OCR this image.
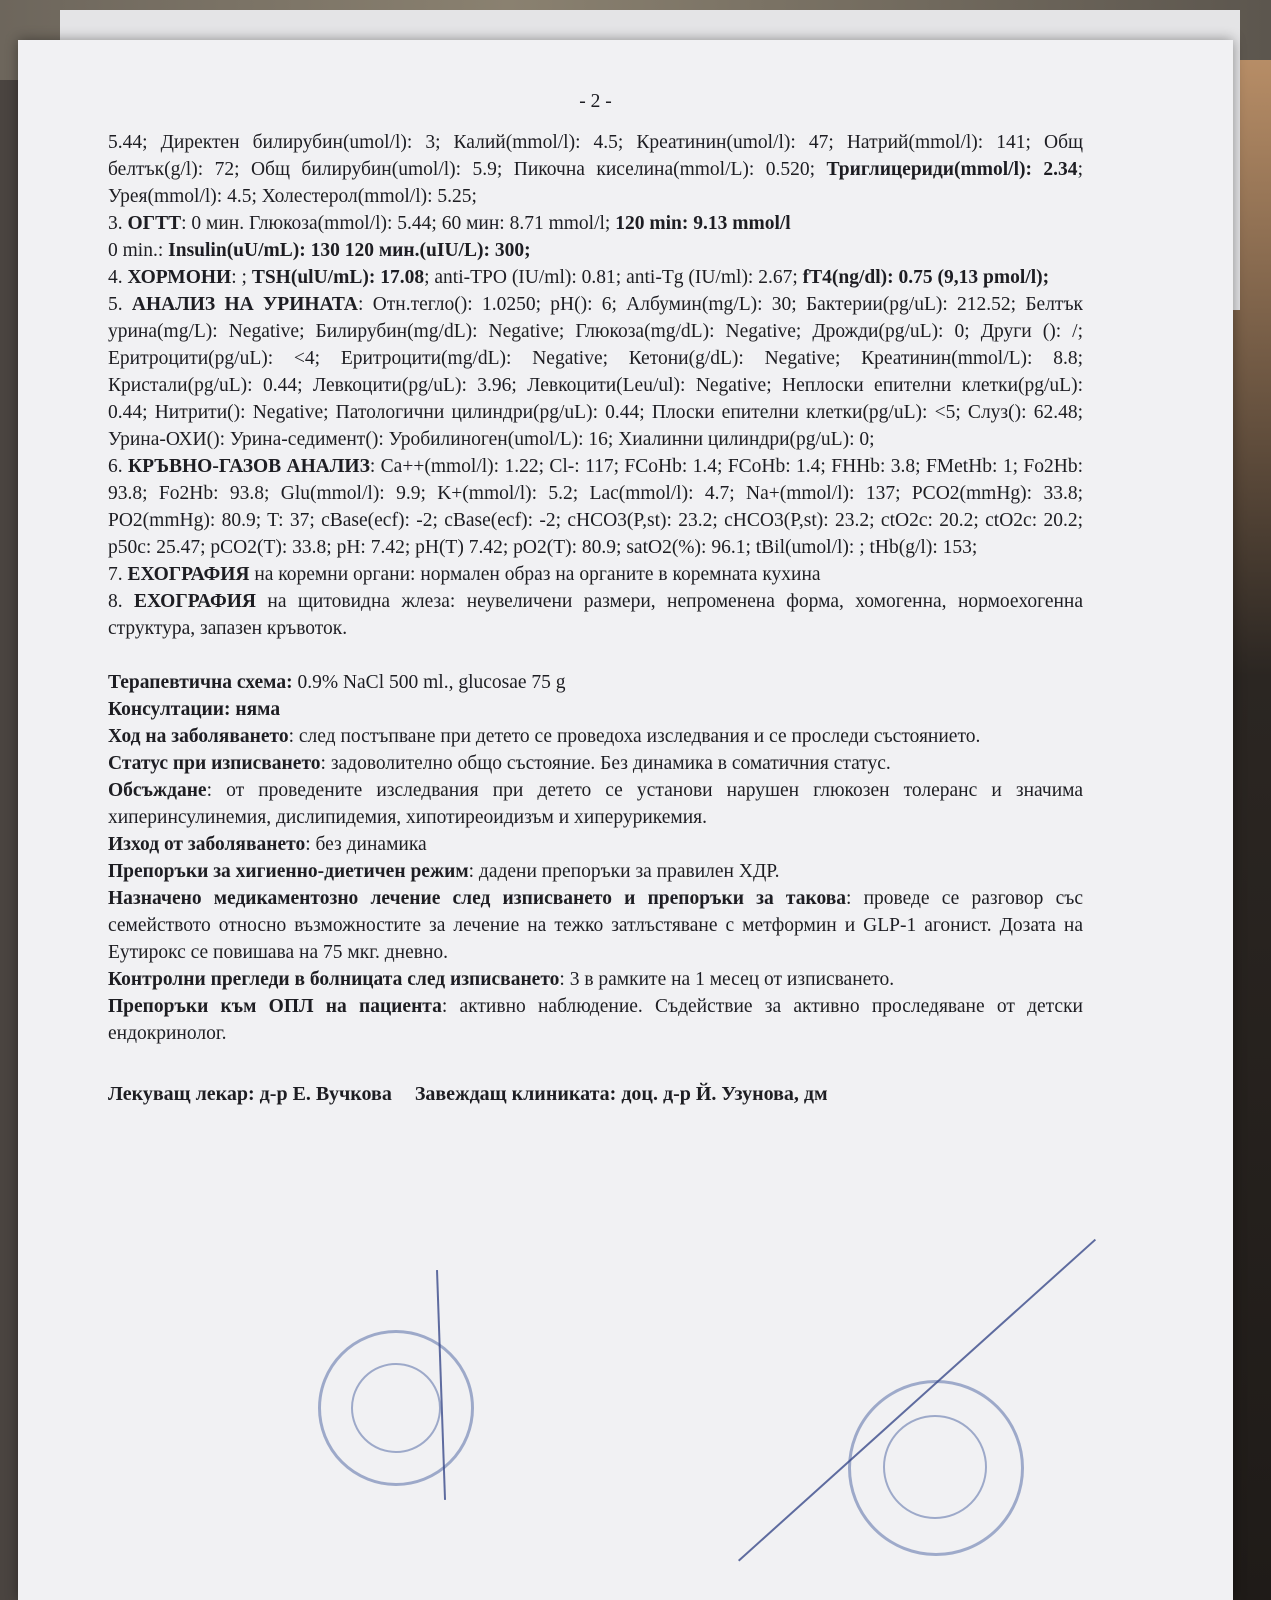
- 2 -

5.44; Директен билирубин(umol/l): 3; Калий(mmol/l): 4.5; Креатинин(umol/l): 47; Натрий(mmol/l): 141; Общ белтък(g/l): 72; Общ билирубин(umol/l): 5.9; Пикочна киселина(mmol/L): 0.520; Триглицериди(mmol/l): 2.34; Урея(mmol/l): 4.5; Холестерол(mmol/l): 5.25;

3. ОГТТ: 0 мин. Глюкоза(mmol/l): 5.44; 60 мин: 8.71 mmol/l; 120 min: 9.13 mmol/l

0 min.: Insulin(uU/mL): 130 120 мин.(uIU/L): 300;

4. ХОРМОНИ: ; TSH(ulU/mL): 17.08; anti-TPO (IU/ml): 0.81; anti-Tg (IU/ml): 2.67; fT4(ng/dl): 0.75 (9,13 pmol/l);

5. АНАЛИЗ НА УРИНАТА: Отн.тегло(): 1.0250; pH(): 6; Албумин(mg/L): 30; Бактерии(pg/uL): 212.52; Белтък урина(mg/L): Negative; Билирубин(mg/dL): Negative; Глюкоза(mg/dL): Negative; Дрожди(pg/uL): 0; Други (): /; Еритроцити(pg/uL): <4; Еритроцити(mg/dL): Negative; Кетони(g/dL): Negative; Креатинин(mmol/L): 8.8; Кристали(pg/uL): 0.44; Левкоцити(pg/uL): 3.96; Левкоцити(Leu/ul): Negative; Неплоски епителни клетки(pg/uL): 0.44; Нитрити(): Negative; Патологични цилиндри(pg/uL): 0.44; Плоски епителни клетки(pg/uL): <5; Слуз(): 62.48; Урина-ОХИ(): Урина-седимент(): Уробилиноген(umol/L): 16; Хиалинни цилиндри(pg/uL): 0;

6. КРЪВНО-ГАЗОВ АНАЛИЗ: Ca++(mmol/l): 1.22; Cl-: 117; FCoHb: 1.4; FCoHb: 1.4; FHHb: 3.8; FMetHb: 1; Fo2Hb: 93.8; Fo2Hb: 93.8; Glu(mmol/l): 9.9; K+(mmol/l): 5.2; Lac(mmol/l): 4.7; Na+(mmol/l): 137; PCO2(mmHg): 33.8; PO2(mmHg): 80.9; T: 37; cBase(ecf): -2; cBase(ecf): -2; cHCO3(P,st): 23.2; cHCO3(P,st): 23.2; ctO2c: 20.2; ctO2c: 20.2; p50c: 25.47; pCO2(T): 33.8; pH: 7.42; pH(T) 7.42; pO2(T): 80.9; satO2(%): 96.1; tBil(umol/l): ; tHb(g/l): 153;

7. ЕХОГРАФИЯ на коремни органи: нормален образ на органите в коремната кухина

8. ЕХОГРАФИЯ на щитовидна жлеза: неувеличени размери, непроменена форма, хомогенна, нормоехогенна структура, запазен кръвоток.

Терапевтична схема: 0.9% NaCl 500 ml., glucosae 75 g

Консултации: няма

Ход на заболяването: след постъпване при детето се проведоха изследвания и се проследи състоянието.

Статус при изписването: задоволително общо състояние. Без динамика в соматичния статус.

Обсъждане: от проведените изследвания при детето се установи нарушен глюкозен толеранс и значима хиперинсулинемия, дислипидемия, хипотиреоидизъм и хиперурикемия.

Изход от заболяването: без динамика

Препоръки за хигиенно-диетичен режим: дадени препоръки за правилен ХДР.

Назначено медикаментозно лечение след изписването и препоръки за такова: проведе се разговор със семейството относно възможностите за лечение на тежко затлъстяване с метформин и GLP-1 агонист. Дозата на Еутирокс се повишава на 75 мкг. дневно.

Контролни прегледи в болницата след изписването: 3 в рамките на 1 месец от изписването.

Препоръки към ОПЛ на пациента: активно наблюдение. Съдействие за активно проследяване от детски ендокринолог.

Лекуващ лекар: д-р Е. Вучкова Завеждащ клиниката: доц. д-р Й. Узунова, дм
